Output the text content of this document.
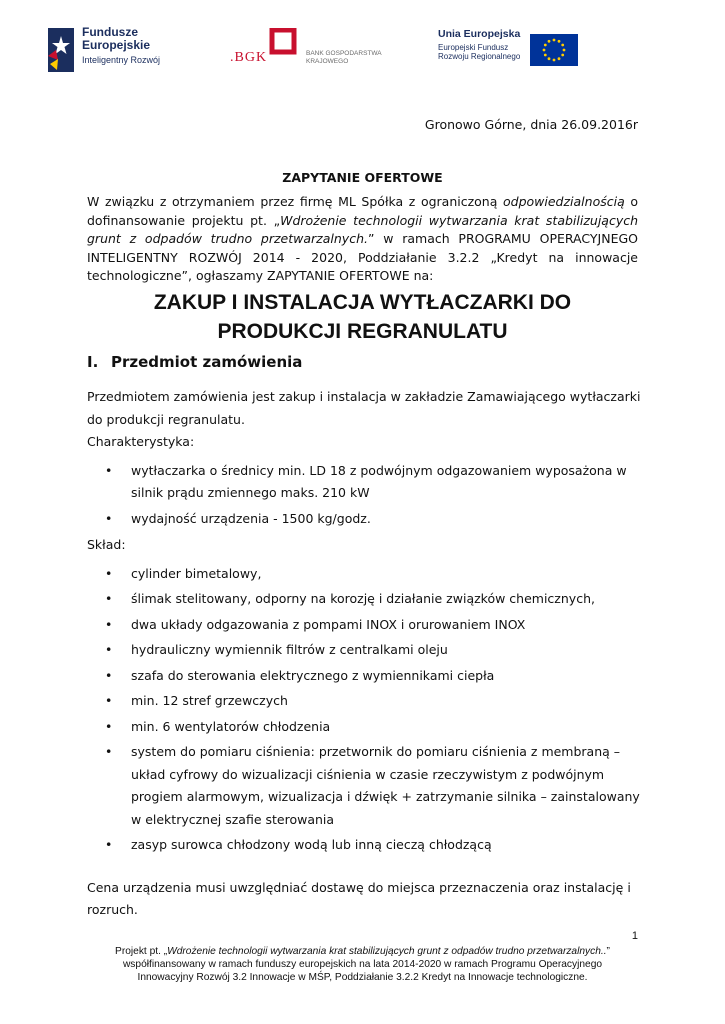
Fundusze
Europejskie
Inteligentny Rozwój	.BGK	BANK GOSPODARSTWA
KRAJOWEGO
Unia Europejska
Europejski Fundusz
Rozwoju Regionalnego
Gronowo Górne, dnia 26.09.2016r
ZAPYTANIE OFERTOWE
W związku z otrzymaniem przez firmę ML Spółka z ograniczoną odpowiedzialnością o dofinansowanie projektu pt. „Wdrożenie technologii wytwarzania krat stabilizujących grunt z odpadów trudno przetwarzalnych.” w ramach PROGRAMU OPERACYJNEGO INTELIGENTNY ROZWÓJ 2014 - 2020, Poddziałanie 3.2.2 „Kredyt na innowacje technologiczne”, ogłaszamy ZAPYTANIE OFERTOWE na:
ZAKUP I INSTALACJA WYTŁACZARKI DO
PRODUKCJI REGRANULATU
I. Przedmiot zamówienia

Przedmiotem zamówienia jest zakup i instalacja w zakładzie Zamawiającego wytłaczarki do produkcji regranulatu.

Charakterystyka:

• wytłaczarka o średnicy min. LD 18 z podwójnym odgazowaniem wyposażona w silnik prądu zmiennego maks. 210 kW
• wydajność urządzenia - 1500 kg/godz.

Skład:

• cylinder bimetalowy,
• ślimak stelitowany, odporny na korozję i działanie związków chemicznych,
• dwa układy odgazowania z pompami INOX i orurowaniem INOX
• hydrauliczny wymiennik filtrów z centralkami oleju
• szafa do sterowania elektrycznego z wymiennikami ciepła
• min. 12 stref grzewczych
• min. 6 wentylatorów chłodzenia
• system do pomiaru ciśnienia: przetwornik do pomiaru ciśnienia z membraną – układ cyfrowy do wizualizacji ciśnienia w czasie rzeczywistym z podwójnym progiem alarmowym, wizualizacja i dźwięk + zatrzymanie silnika – zainstalowany w elektrycznej szafie sterowania
• zasyp surowca chłodzony wodą lub inną cieczą chłodzącą

Cena urządzenia musi uwzględniać dostawę do miejsca przeznaczenia oraz instalację i rozruch.

1
Projekt pt. „Wdrożenie technologii wytwarzania krat stabilizujących grunt z odpadów trudno przetwarzalnych..”
współfinansowany w ramach funduszy europejskich na lata 2014-2020 w ramach Programu Operacyjnego
Innowacyjny Rozwój 3.2 Innowacje w MŚP, Poddziałanie 3.2.2 Kredyt na Innowacje technologiczne.
